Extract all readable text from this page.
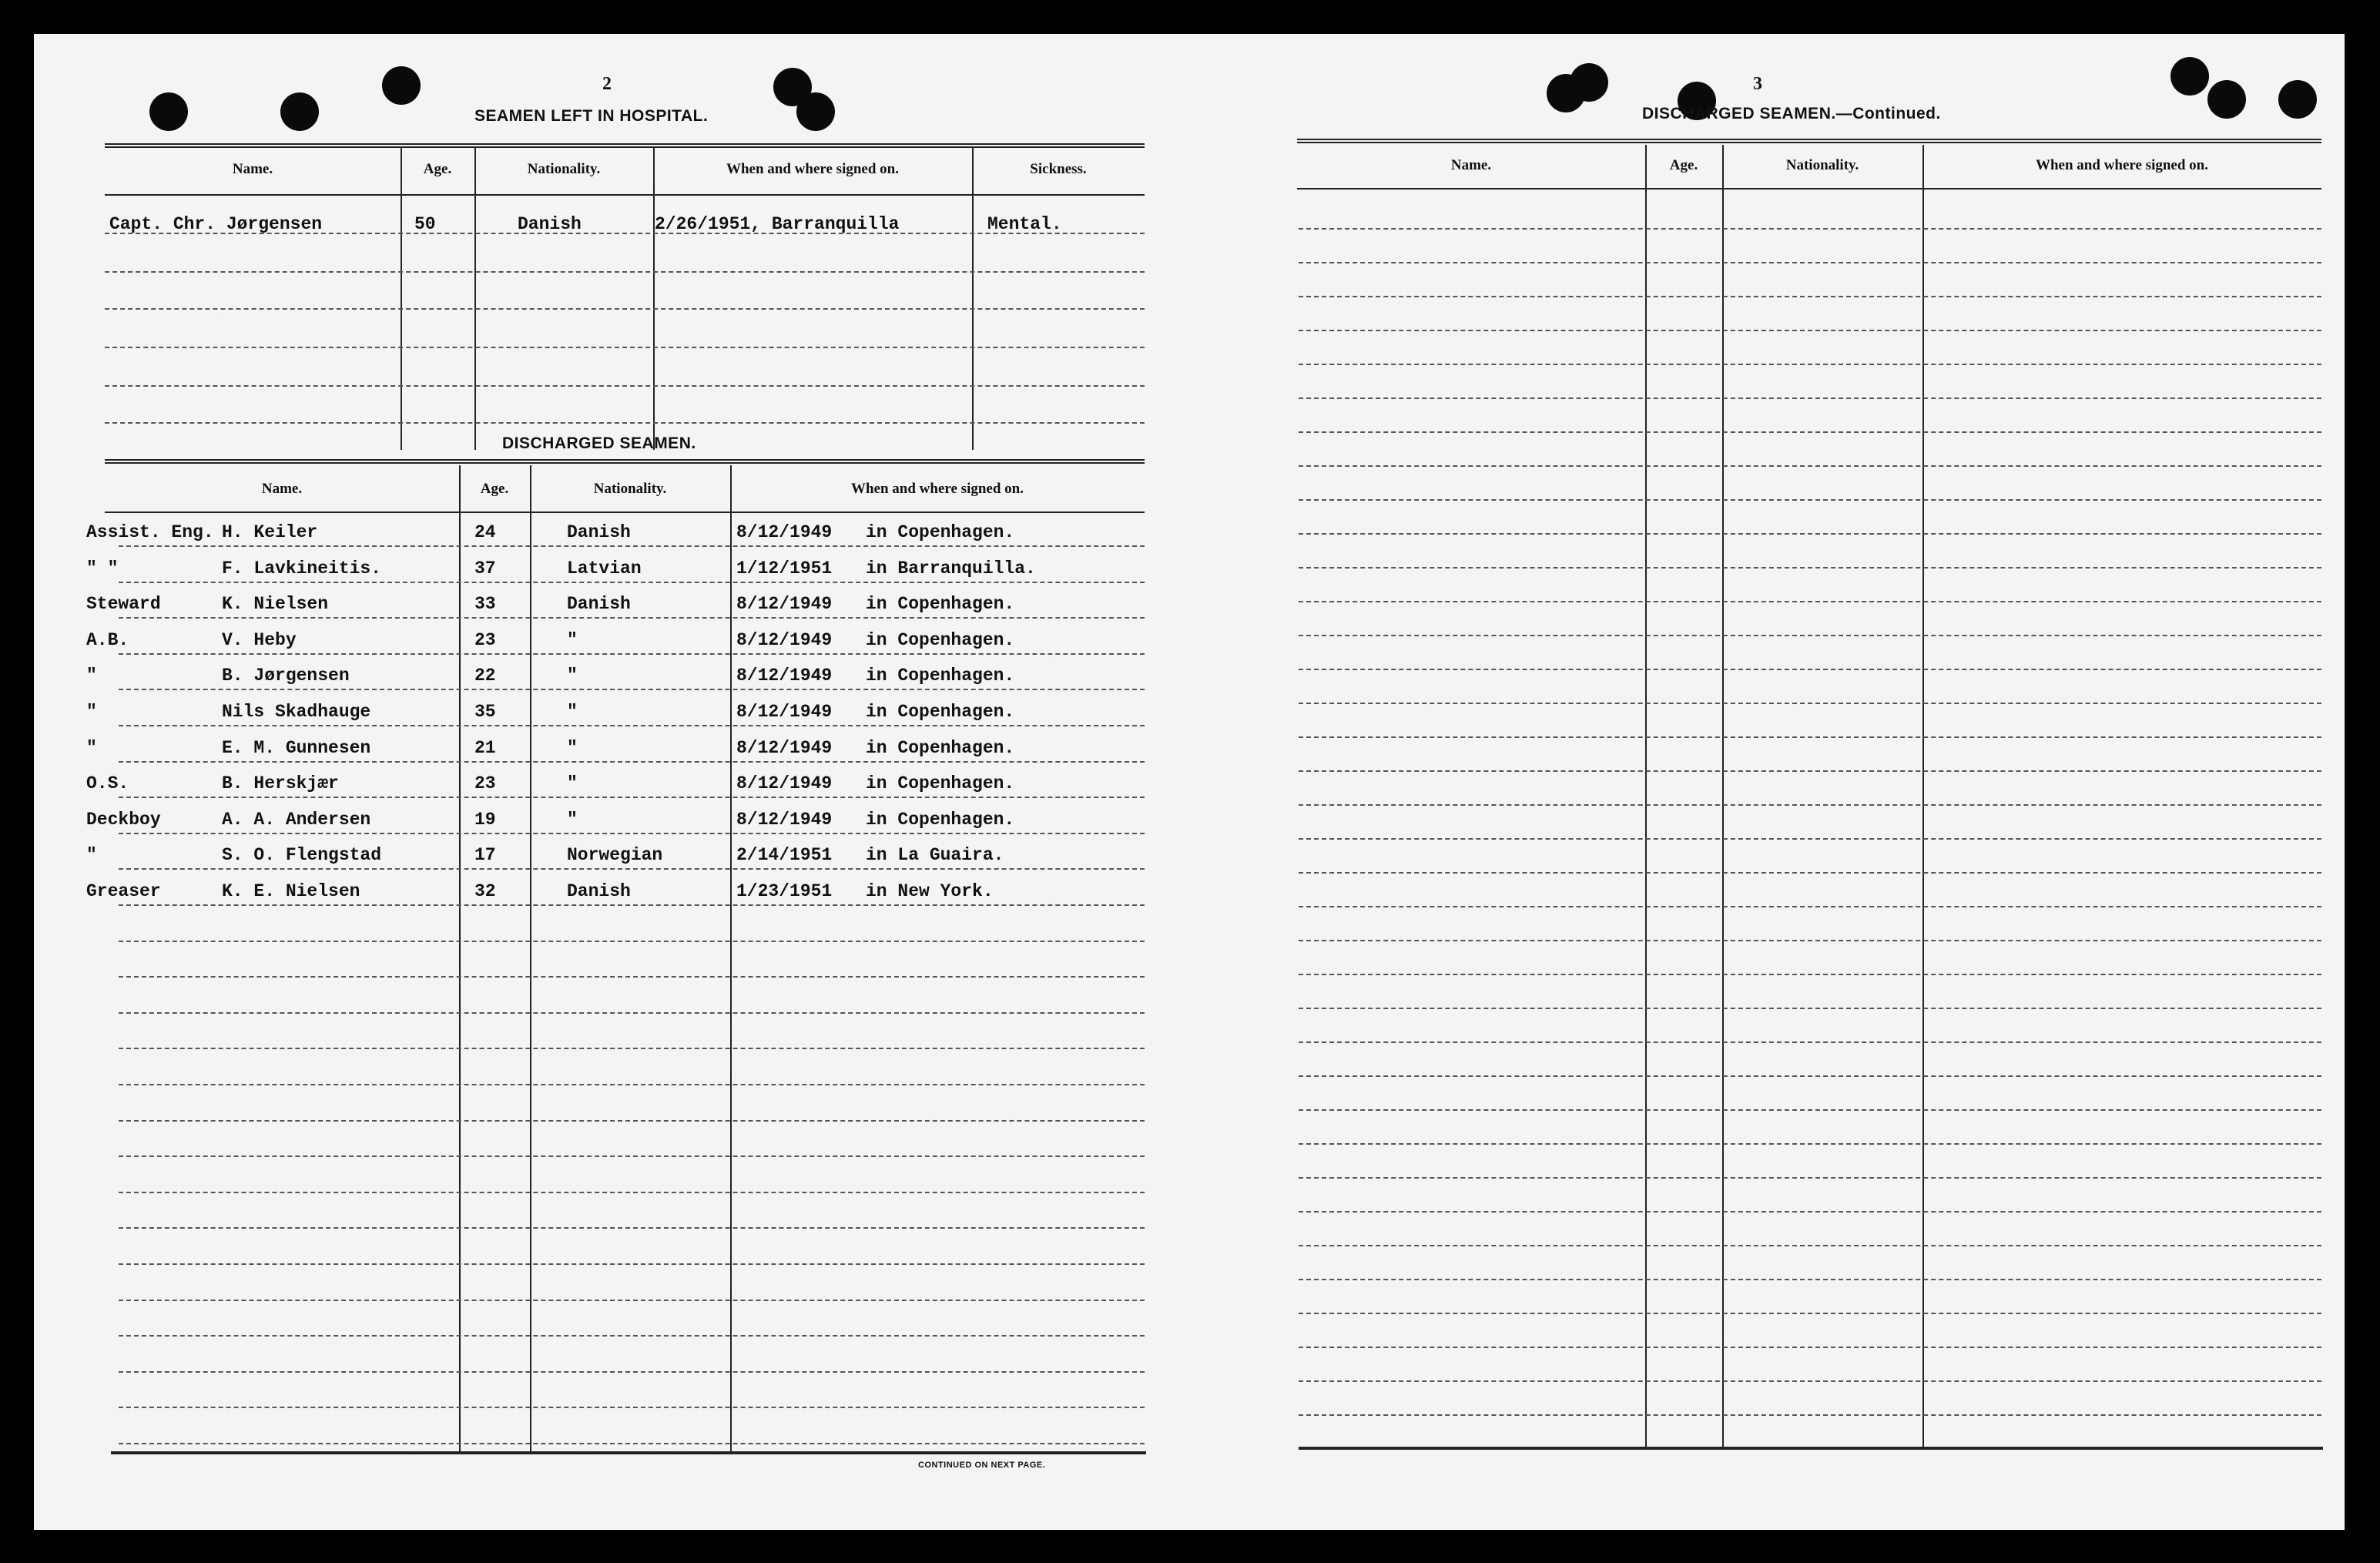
2
SEAMEN LEFT IN HOSPITAL.
Name.	Age.	Nationality.	When and where signed on.	Sickness.
Capt. Chr. Jørgensen	50	Danish	2/26/1951, Barranquilla	Mental.
DISCHARGED SEAMEN.
Name.	Age.	Nationality.	When and where signed on.
Assist. Eng. H. Keiler	24	Danish	8/12/1949 in Copenhagen.
" "	F. Lavkineitis.	37	Latvian	1/12/1951 in Barranquilla.
Steward	K. Nielsen	33	Danish	8/12/1949 in Copenhagen.
A.B.	V. Heby	23	"	8/12/1949 in Copenhagen.
"	B. Jørgensen	22	"	8/12/1949 in Copenhagen.
"	Nils Skadhauge	35	"	8/12/1949 in Copenhagen.
"	E. M. Gunnesen	21	"	8/12/1949 in Copenhagen.
O.S.	B. Herskjær	23	"	8/12/1949 in Copenhagen.
Deckboy	A. A. Andersen	19	"	8/12/1949 in Copenhagen.
"	S. O. Flengstad	17	Norwegian	2/14/1951 in La Guaira.
Greaser	K. E. Nielsen	32	Danish	1/23/1951 in New York.
CONTINUED ON NEXT PAGE.
3
DISCHARGED SEAMEN.—Continued.
Name.	Age.	Nationality.	When and where signed on.
